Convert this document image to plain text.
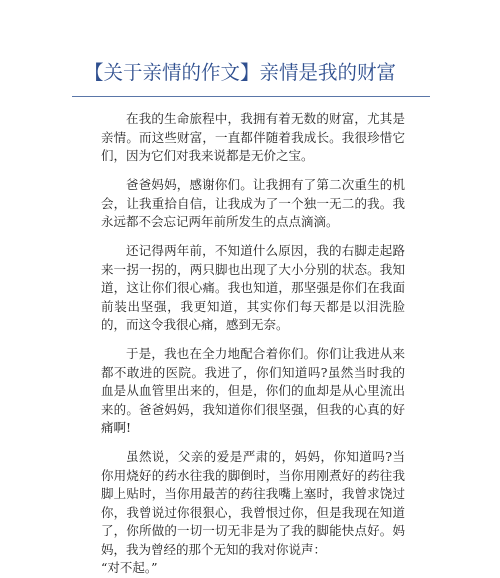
【关于亲情的作文】亲情是我的财富

在我的生命旅程中，我拥有着无数的财富，尤其是亲情。而这些财富，一直都伴随着我成长。我很珍惜它们，因为它们对我来说都是无价之宝。

爸爸妈妈，感谢你们。让我拥有了第二次重生的机会，让我重拾自信，让我成为了一个独一无二的我。我永远都不会忘记两年前所发生的点点滴滴。

还记得两年前，不知道什么原因，我的右脚走起路来一拐一拐的，两只脚也出现了大小分别的状态。我知道，这让你们很心痛。我也知道，那坚强是你们在我面前装出坚强，我更知道，其实你们每天都是以泪洗脸的，而这令我很心痛，感到无奈。

于是，我也在全力地配合着你们。你们让我进从来都不敢进的医院。我进了，你们知道吗?虽然当时我的血是从血管里出来的，但是，你们的血却是从心里流出来的。爸爸妈妈，我知道你们很坚强，但我的心真的好痛啊!

虽然说，父亲的爱是严肃的，妈妈，你知道吗?当你用烧好的药水往我的脚倒时，当你用刚煮好的药往我脚上贴时，当你用最苦的药往我嘴上塞时，我曾求饶过你，我曾说过你很狠心，我曾恨过你，但是我现在知道了，你所做的一切一切无非是为了我的脚能快点好。妈妈，我为曾经的那个无知的我对你说声：

“对不起。”
